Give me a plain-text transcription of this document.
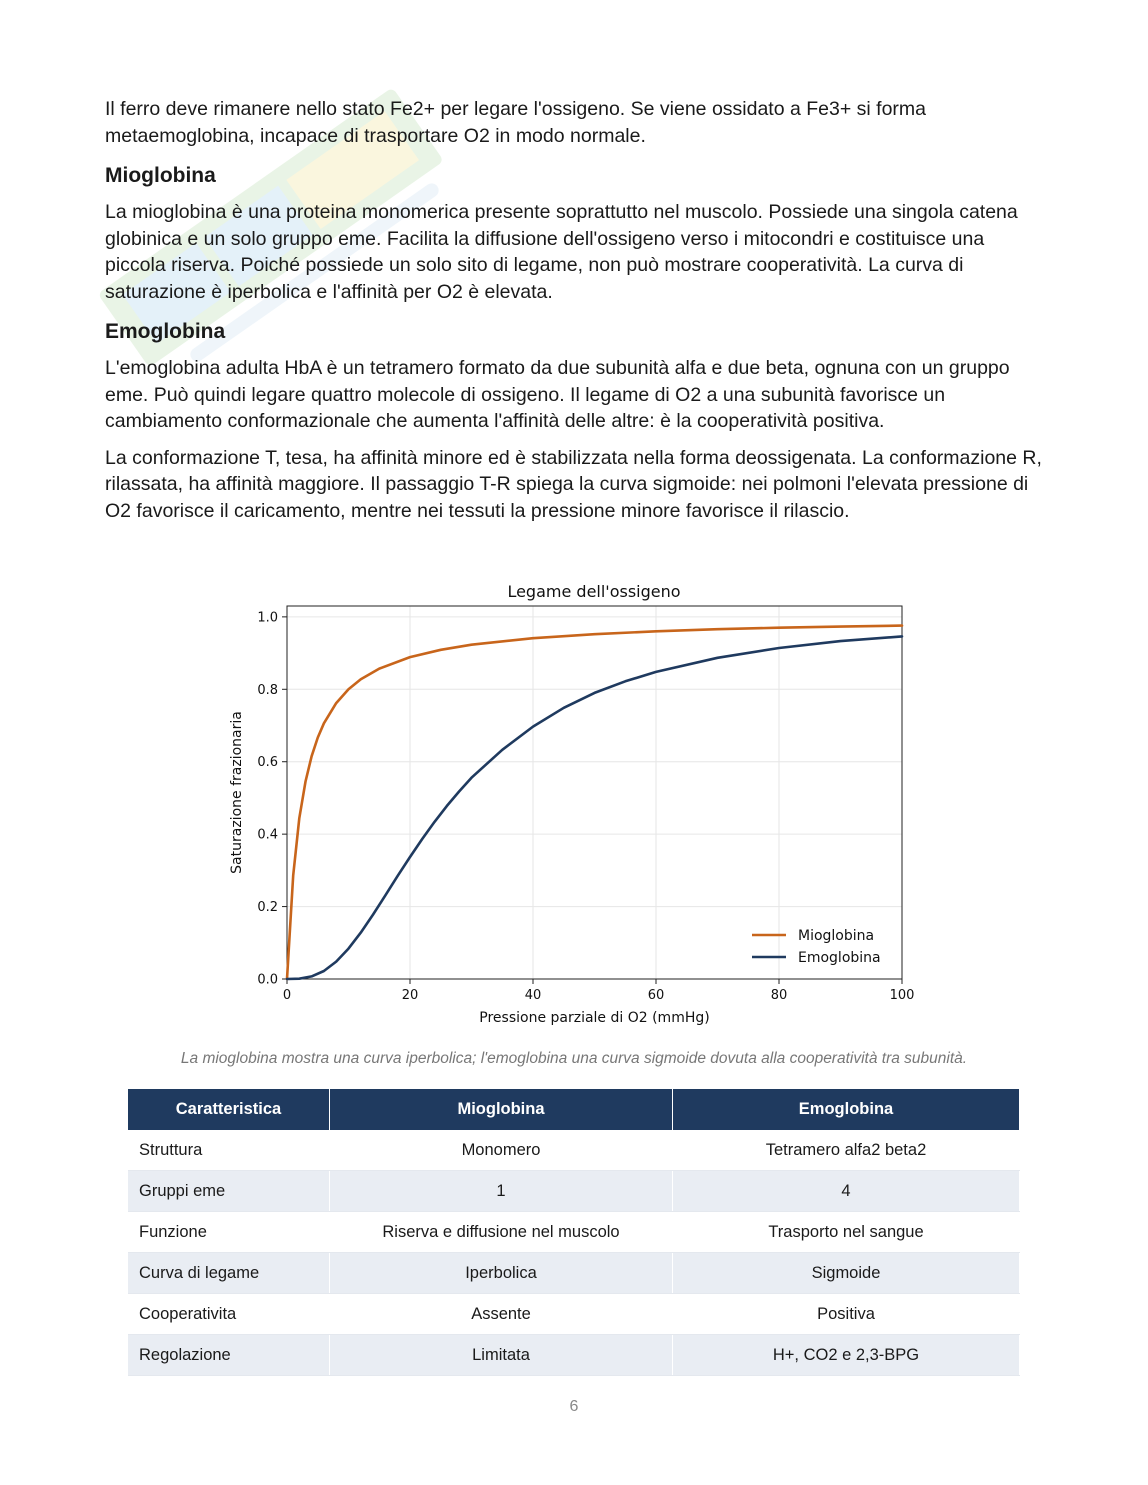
Il ferro deve rimanere nello stato Fe2+ per legare l'ossigeno. Se viene ossidato a Fe3+ si forma metaemoglobina, incapace di trasportare O2 in modo normale.

Mioglobina

La mioglobina è una proteina monomerica presente soprattutto nel muscolo. Possiede una singola catena globinica e un solo gruppo eme. Facilita la diffusione dell'ossigeno verso i mitocondri e costituisce una piccola riserva. Poiché possiede un solo sito di legame, non può mostrare cooperatività. La curva di saturazione è iperbolica e l'affinità per O2 è elevata.

Emoglobina

L'emoglobina adulta HbA è un tetramero formato da due subunità alfa e due beta, ognuna con un gruppo eme. Può quindi legare quattro molecole di ossigeno. Il legame di O2 a una subunità favorisce un cambiamento conformazionale che aumenta l'affinità delle altre: è la cooperatività positiva.

La conformazione T, tesa, ha affinità minore ed è stabilizzata nella forma deossigenata. La conformazione R, rilassata, ha affinità maggiore. Il passaggio T-R spiega la curva sigmoide: nei polmoni l'elevata pressione di O2 favorisce il caricamento, mentre nei tessuti la pressione minore favorisce il rilascio.

Legame dell'ossigeno
0	20	40	60	80	100
0.0
0.2
0.4
0.6
0.8
1.0
Pressione parziale di O2 (mmHg)
Saturazione frazionaria
Mioglobina
Emoglobina
La mioglobina mostra una curva iperbolica; l'emoglobina una curva sigmoide dovuta alla cooperatività tra subunità.
Caratteristica	Mioglobina	Emoglobina
Struttura	Monomero	Tetramero alfa2 beta2
Gruppi eme	1	4
Funzione	Riserva e diffusione nel muscolo	Trasporto nel sangue
Curva di legame	Iperbolica	Sigmoide
Cooperativita	Assente	Positiva
Regolazione	Limitata	H+, CO2 e 2,3-BPG
6
